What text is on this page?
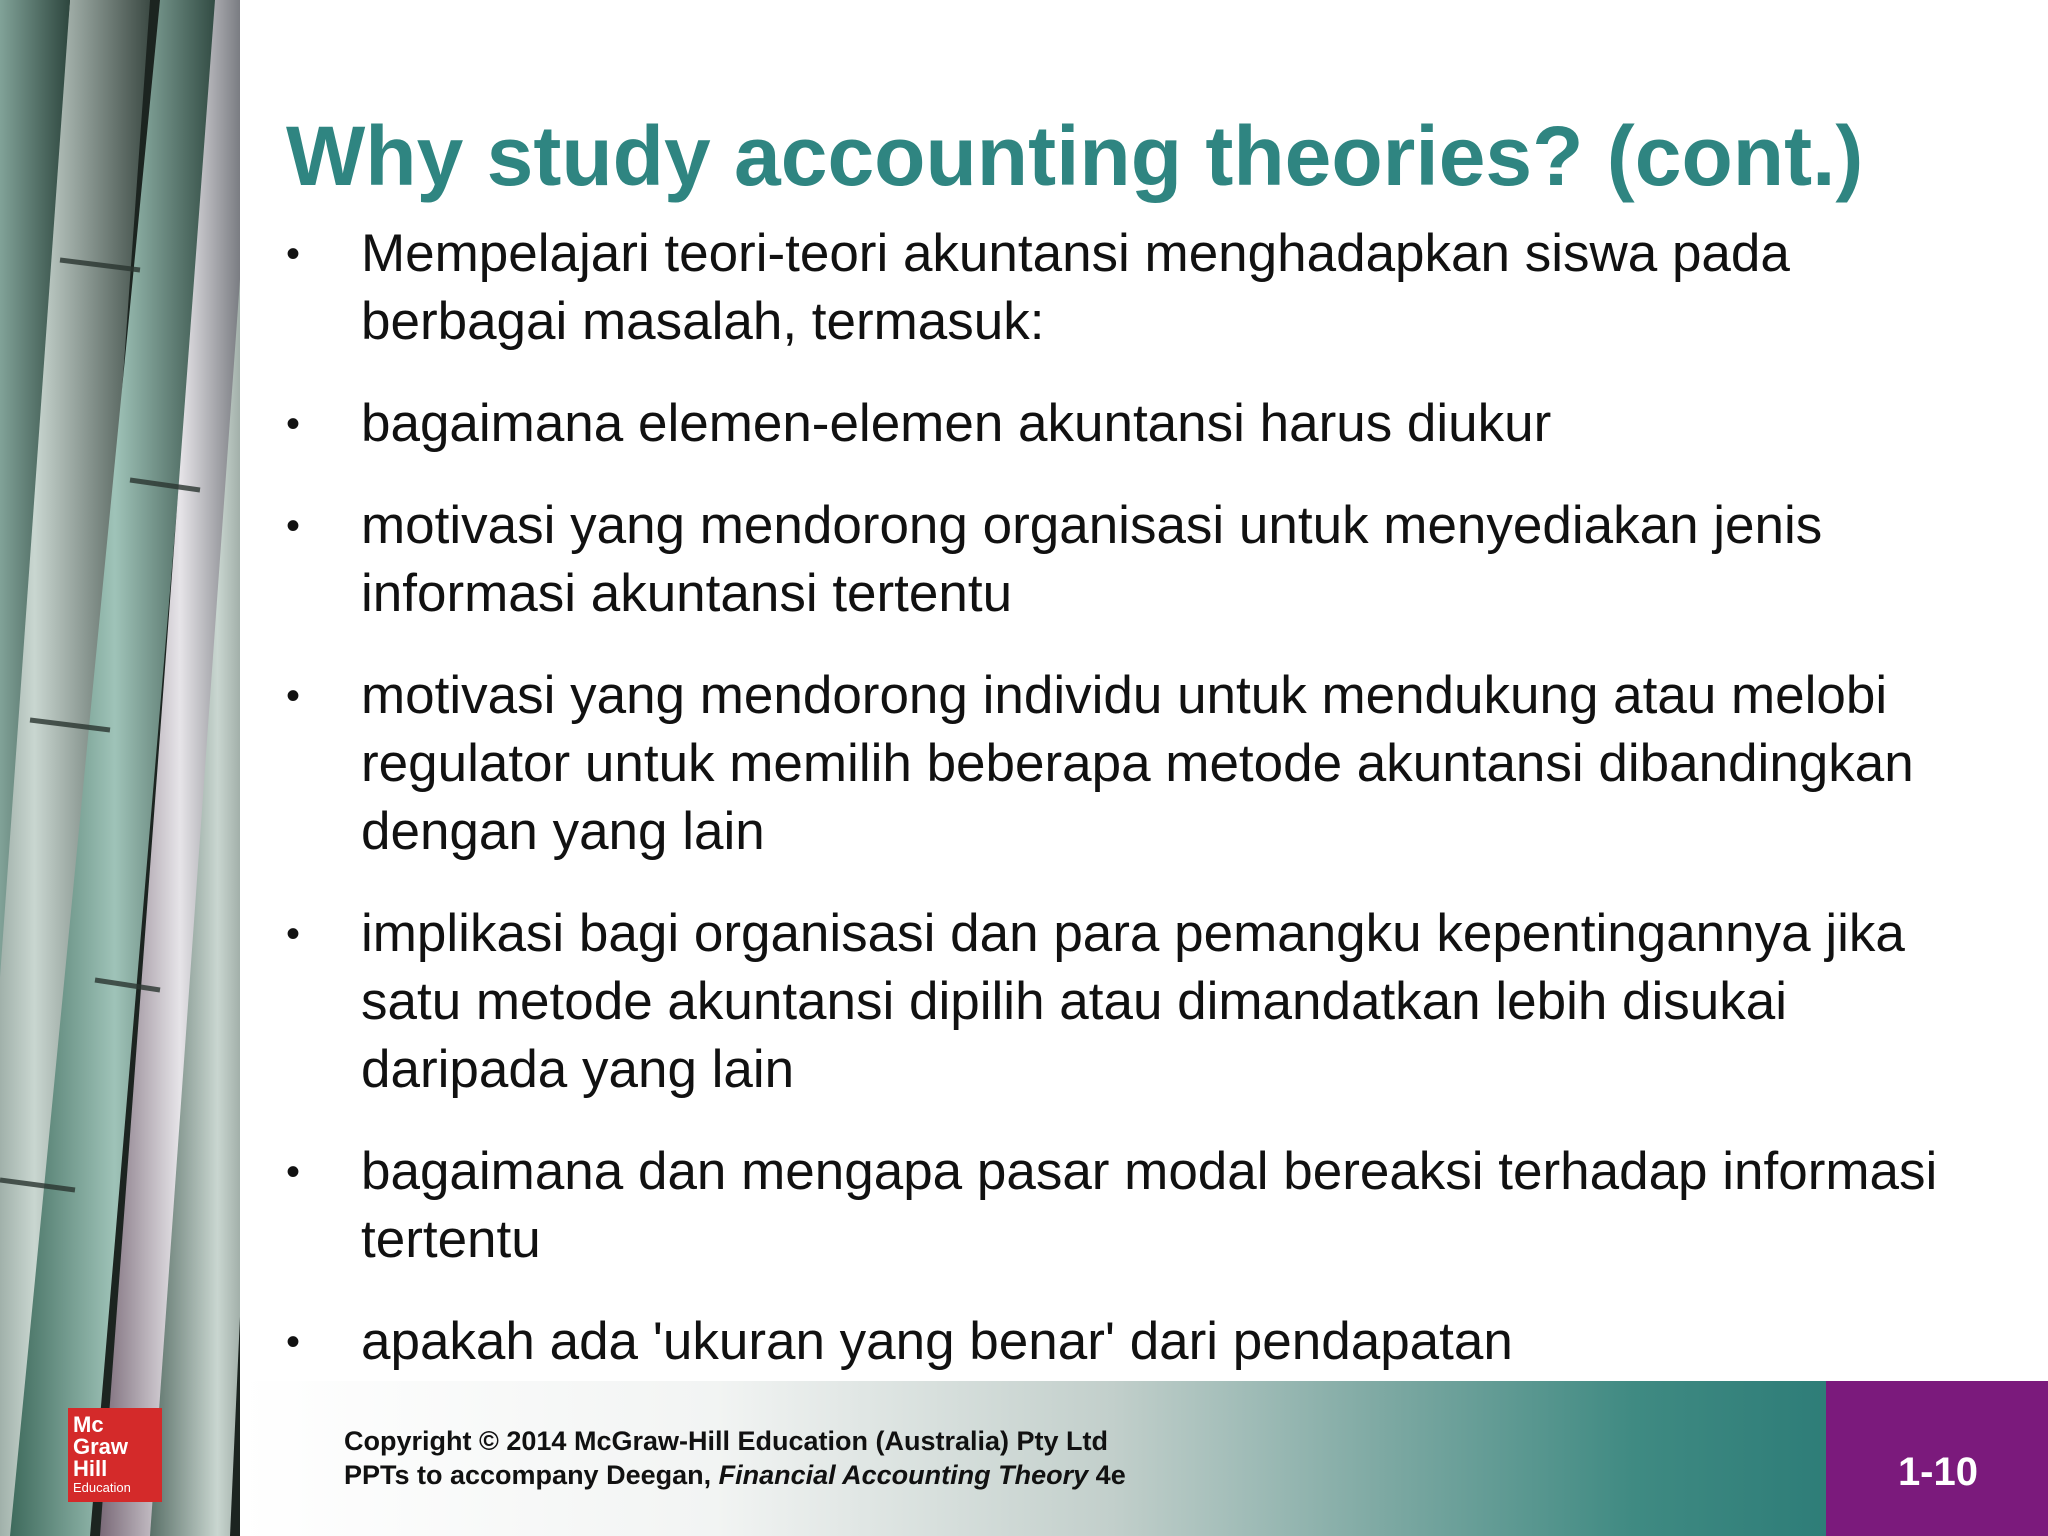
Mc
Graw
Hill
Education
Why study accounting theories? (cont.)
•	Mempelajari teori-teori akuntansi menghadapkan siswa pada berbagai masalah, termasuk:
•	bagaimana elemen-elemen akuntansi harus diukur
•	motivasi yang mendorong organisasi untuk menyediakan jenis informasi akuntansi tertentu
•	motivasi yang mendorong individu untuk mendukung atau melobi regulator untuk memilih beberapa metode akuntansi dibandingkan dengan yang lain
•	implikasi bagi organisasi dan para pemangku kepentingannya jika satu metode akuntansi dipilih atau dimandatkan lebih disukai daripada yang lain
•	bagaimana dan mengapa pasar modal bereaksi terhadap informasi tertentu
•	apakah ada 'ukuran yang benar' dari pendapatan
Copyright © 2014 McGraw-Hill Education (Australia) Pty Ltd
PPTs to accompany Deegan, Financial Accounting Theory 4e	1-10
